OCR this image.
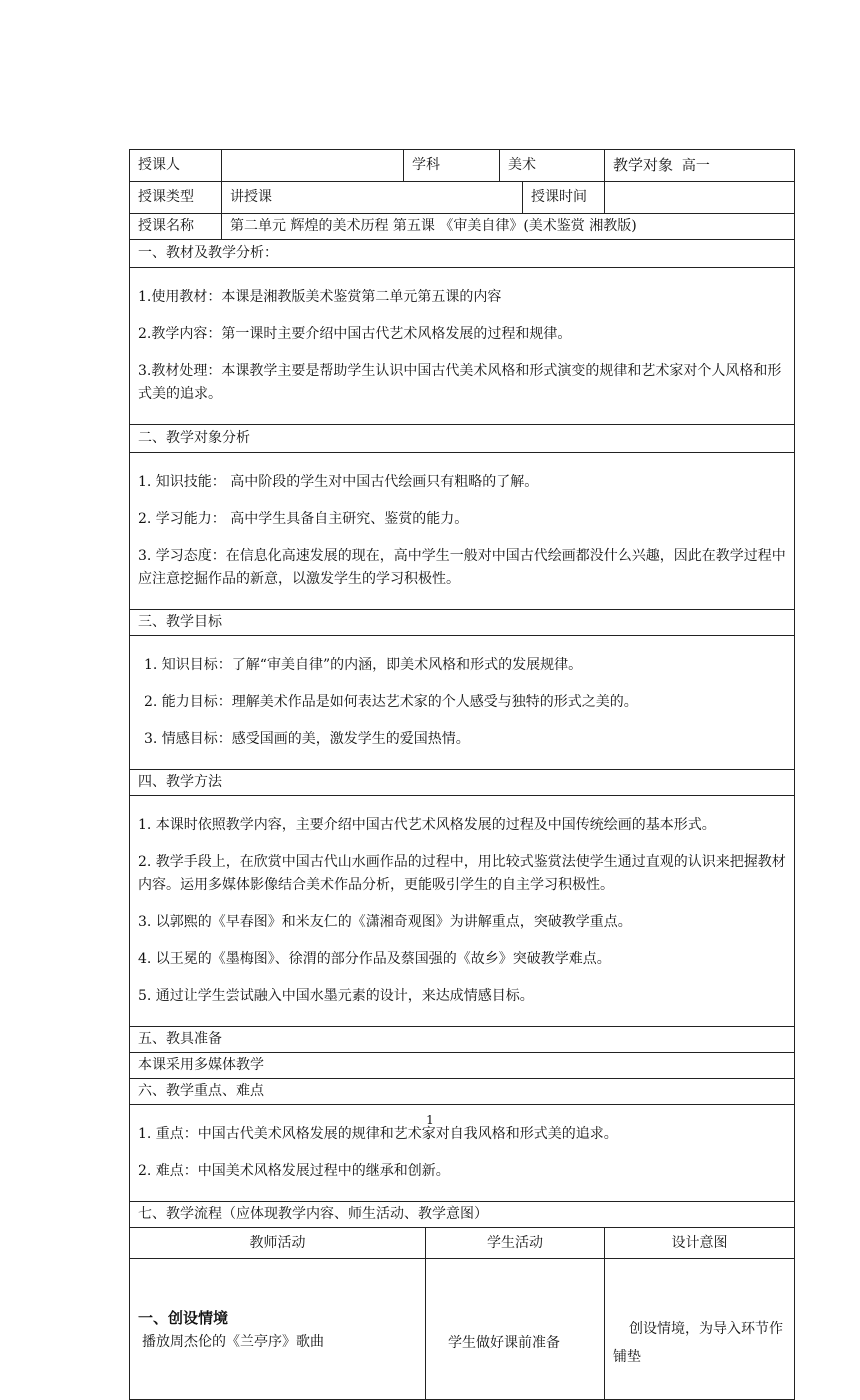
授课人		学科		美术		教学对象 高一
授课类型	讲授课				授课时间	
授课名称	第二单元 辉煌的美术历程 第五课 《审美自律》(美术鉴赏 湘教版)					
一、教材及教学分析：						

1.使用教材：本课是湘教版美术鉴赏第二单元第五课的内容

2.教学内容：第一课时主要介绍中国古代艺术风格发展的过程和规律。

3.教材处理：本课教学主要是帮助学生认识中国古代美术风格和形式演变的规律和艺术家对个人风格和形式美的追求。						

二、教学对象分析						

1. 知识技能： 高中阶段的学生对中国古代绘画只有粗略的了解。

2. 学习能力： 高中学生具备自主研究、鉴赏的能力。

3. 学习态度：在信息化高速发展的现在，高中学生一般对中国古代绘画都没什么兴趣，因此在教学过程中应注意挖掘作品的新意，以激发学生的学习积极性。						

三、教学目标						

1. 知识目标：了解“审美自律”的内涵，即美术风格和形式的发展规律。

2. 能力目标：理解美术作品是如何表达艺术家的个人感受与独特的形式之美的。

3. 情感目标：感受国画的美，激发学生的爱国热情。						

四、教学方法						

1. 本课时依照教学内容，主要介绍中国古代艺术风格发展的过程及中国传统绘画的基本形式。

2. 教学手段上，在欣赏中国古代山水画作品的过程中，用比较式鉴赏法使学生通过直观的认识来把握教材内容。运用多媒体影像结合美术作品分析，更能吸引学生的自主学习积极性。

3. 以郭熙的《早春图》和米友仁的《潇湘奇观图》为讲解重点，突破教学重点。

4. 以王冕的《墨梅图》、徐渭的部分作品及蔡国强的《故乡》突破教学难点。

5. 通过让学生尝试融入中国水墨元素的设计，来达成情感目标。						

五、教具准备						
本课采用多媒体教学						
六、教学重点、难点						

1. 重点：中国古代美术风格发展的规律和艺术家对自我风格和形式美的追求。

2. 难点：中国美术风格发展过程中的继承和创新。						

七、教学流程（应体现教学内容、师生活动、教学意图）						
教师活动			学生活动			设计意图

一、创设情境
播放周杰伦的《兰亭序》歌曲			学生做好课前准备			创设情境，为导入环节作铺垫
1
